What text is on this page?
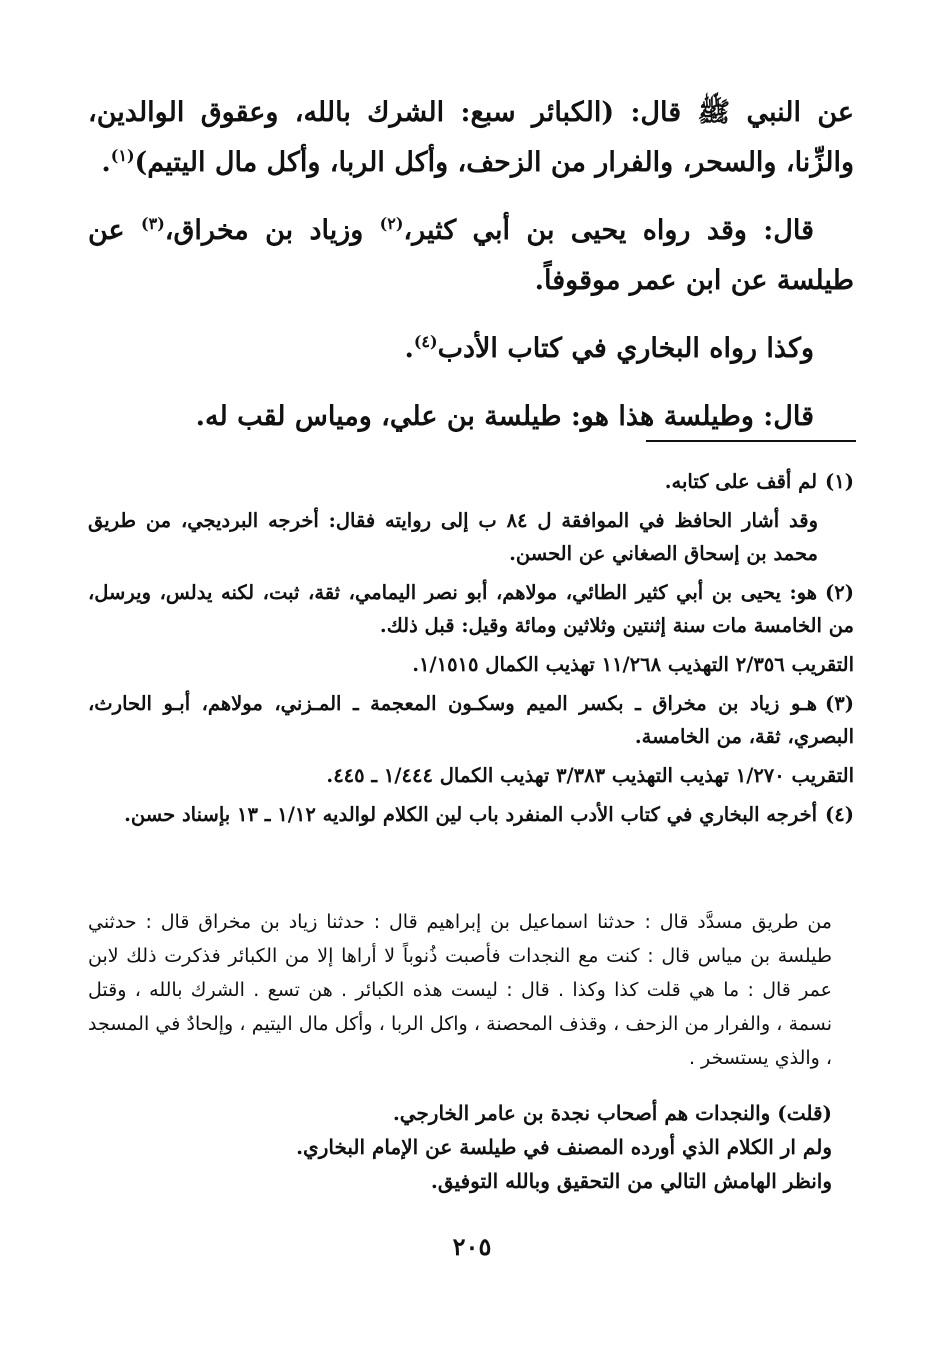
عن النبي ﷺ قال: (الكبائر سبع: الشرك بالله، وعقوق الوالدين، والزِّنا، والسحر، والفرار من الزحف، وأكل الربا، وأكل مال اليتيم)$^{(١)}$.

قال: وقد رواه يحيى بن أبي كثير،$^{(٢)}$ وزياد بن مخراق،$^{(٣)}$ عن طيلسة عن ابن عمر موقوفاً.

وكذا رواه البخاري في كتاب الأدب$^{(٤)}$.

قال: وطيلسة هذا هو: طيلسة بن علي، ومياس لقب له.

(١)لم أقف على كتابه.

وقد أشار الحافظ في الموافقة ل ٨٤ ب إلى روايته فقال: أخرجه البرديجي، من طريق محمد بن إسحاق الصغاني عن الحسن.

(٢)هو: يحيى بن أبي كثير الطائي، مولاهم، أبو نصر اليمامي، ثقة، ثبت، لكنه يدلس، ويرسل، من الخامسة مات سنة إثنتين وثلاثين ومائة وقيل: قبل ذلك.

التقريب ٢/٣٥٦ التهذيب ١١/٢٦٨ تهذيب الكمال ١/١٥١٥.

(٣)هـو زياد بن مخراق ـ بكسر الميم وسكـون المعجمة ـ المـزني، مولاهم، أبـو الحارث، البصري، ثقة، من الخامسة.

التقريب ١/٢٧٠ تهذيب التهذيب ٣/٣٨٣ تهذيب الكمال ١/٤٤٤ ـ ٤٤٥.

(٤)أخرجه البخاري في كتاب الأدب المنفرد باب لين الكلام لوالديه ١/١٢ ـ ١٣ بإسناد حسن.

من طريق مسدَّد قال : حدثنا اسماعيل بن إبراهيم قال : حدثنا زياد بن مخراق قال : حدثني طيلسة بن مياس قال : كنت مع النجدات فأصبت ذُنوباً لا أراها إلا من الكبائر فذكرت ذلك لابن عمر قال : ما هي قلت كذا وكذا . قال : ليست هذه الكبائر . هن تسع . الشرك بالله ، وقتل نسمة ، والفرار من الزحف ، وقذف المحصنة ، واكل الربا ، وأكل مال اليتيم ، وإلحادٌ في المسجد ، والذي يستسخر .

(قلت) والنجدات هم أصحاب نجدة بن عامر الخارجي.

ولم ار الكلام الذي أورده المصنف في طيلسة عن الإمام البخاري.

وانظر الهامش التالي من التحقيق وبالله التوفيق.

٢٠٥
